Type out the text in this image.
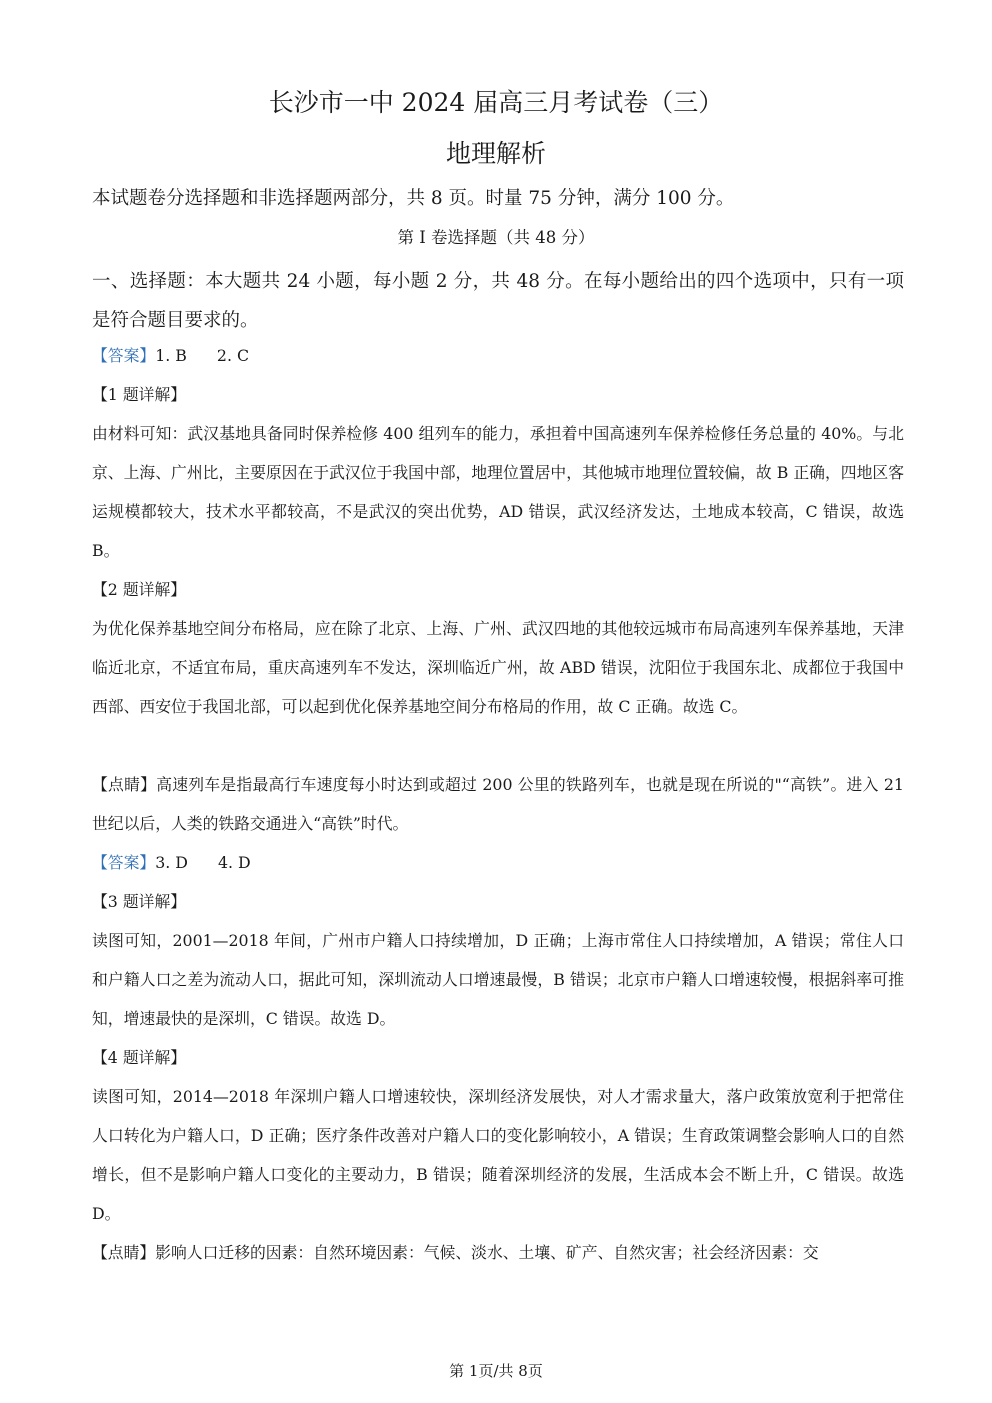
长沙市一中 2024 届高三月考试卷（三）
地理解析
本试题卷分选择题和非选择题两部分，共 8 页。时量 75 分钟，满分 100 分。
第 I 卷选择题（共 48 分）
一、选择题：本大题共 24 小题，每小题 2 分，共 48 分。在每小题给出的四个选项中，只有一项是符合题目要求的。
【答案】1. B 2. C
【1 题详解】
由材料可知：武汉基地具备同时保养检修 400 组列车的能力，承担着中国高速列车保养检修任务总量的 40%。与北京、上海、广州比，主要原因在于武汉位于我国中部，地理位置居中，其他城市地理位置较偏，故 B 正确，四地区客运规模都较大，技术水平都较高，不是武汉的突出优势，AD 错误，武汉经济发达，土地成本较高，C 错误，故选 B。
【2 题详解】
为优化保养基地空间分布格局，应在除了北京、上海、广州、武汉四地的其他较远城市布局高速列车保养基地，天津临近北京，不适宜布局，重庆高速列车不发达，深圳临近广州，故 ABD 错误，沈阳位于我国东北、成都位于我国中西部、西安位于我国北部，可以起到优化保养基地空间分布格局的作用，故 C 正确。故选 C。
【点睛】高速列车是指最高行车速度每小时达到或超过 200 公里的铁路列车，也就是现在所说的"“高铁”。进入 21 世纪以后，人类的铁路交通进入“高铁”时代。
【答案】3. D 4. D
【3 题详解】
读图可知，2001—2018 年间，广州市户籍人口持续增加，D 正确；上海市常住人口持续增加，A 错误；常住人口和户籍人口之差为流动人口，据此可知，深圳流动人口增速最慢，B 错误；北京市户籍人口增速较慢，根据斜率可推知，增速最快的是深圳，C 错误。故选 D。
【4 题详解】
读图可知，2014—2018 年深圳户籍人口增速较快，深圳经济发展快，对人才需求量大，落户政策放宽利于把常住人口转化为户籍人口，D 正确；医疗条件改善对户籍人口的变化影响较小，A 错误；生育政策调整会影响人口的自然增长，但不是影响户籍人口变化的主要动力，B 错误；随着深圳经济的发展，生活成本会不断上升，C 错误。故选 D。
【点睛】影响人口迁移的因素：自然环境因素：气候、淡水、土壤、矿产、自然灾害；社会经济因素：交
第 1页/共 8页
